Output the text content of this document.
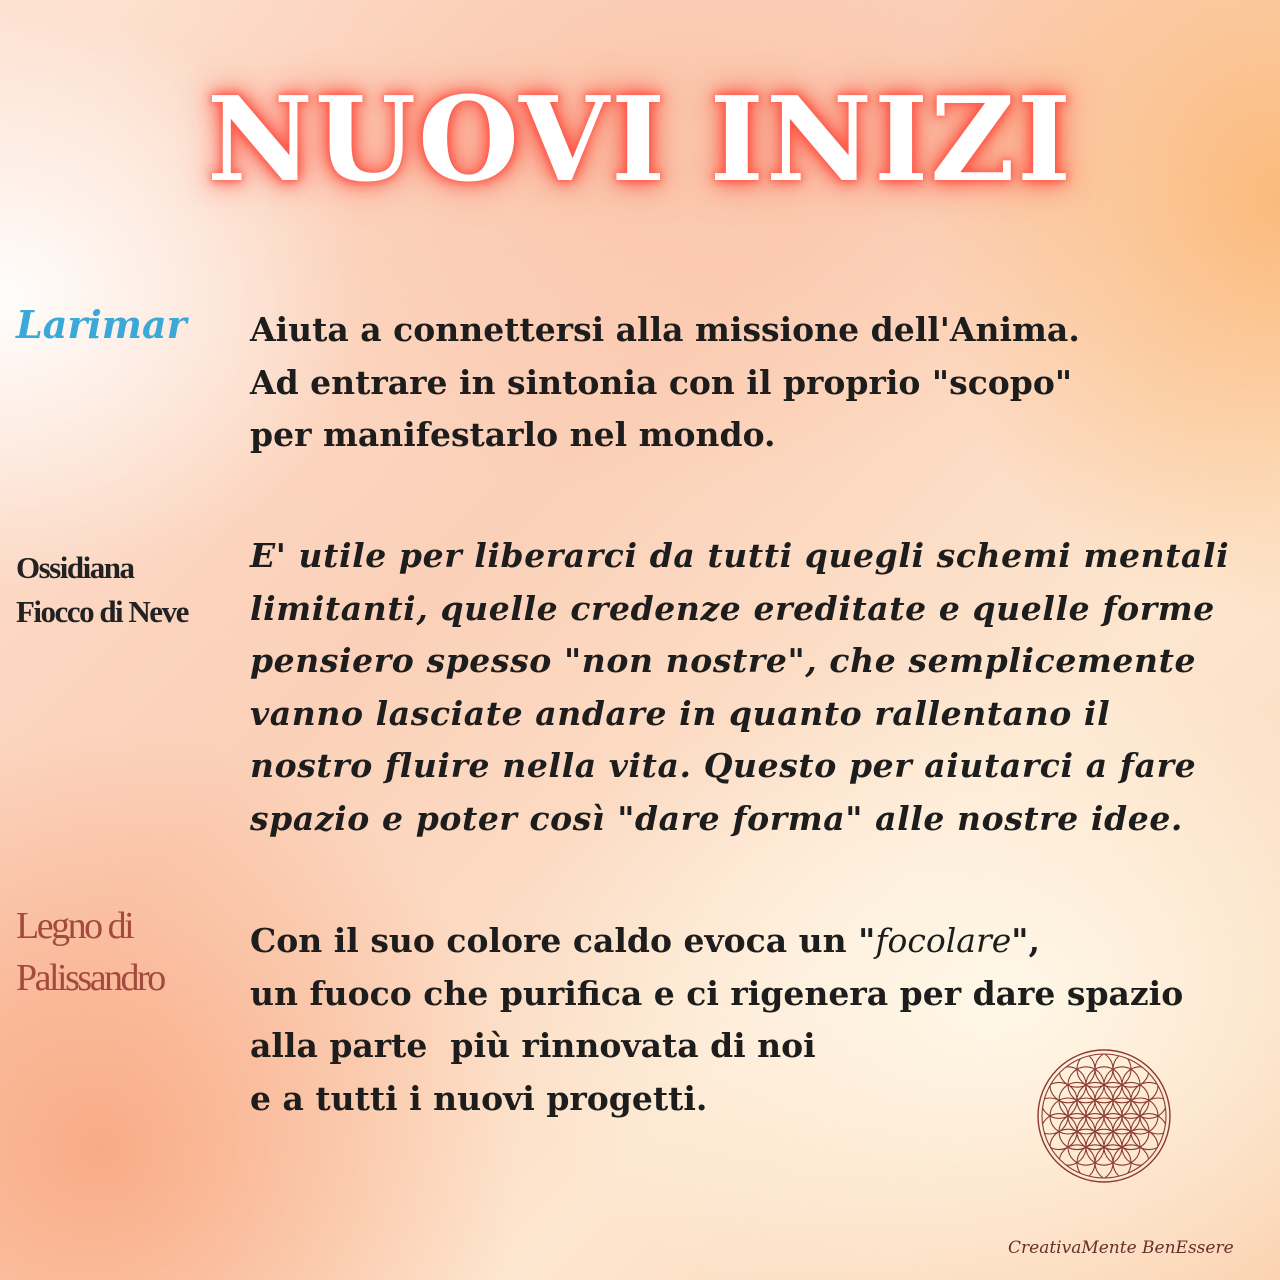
NUOVI INIZI
Larimar Aiuta a connettersi alla missione dell'Anima.
Ad entrare in sintonia con il proprio "scopo"
per manifestarlo nel mondo.
Ossidiana
Fiocco di Neve
E' utile per liberarci da tutti quegli schemi mentali
limitanti, quelle credenze ereditate e quelle forme
pensiero spesso "non nostre", che semplicemente
vanno lasciate andare in quanto rallentano il
nostro fluire nella vita. Questo per aiutarci a fare
spazio e poter così "dare forma" alle nostre idee.
Legno di
Palissandro
Con il suo colore caldo evoca un "focolare",
un fuoco che purifica e ci rigenera per dare spazio
alla parte  più rinnovata di noi
e a tutti i nuovi progetti.
CreativaMente BenEssere
